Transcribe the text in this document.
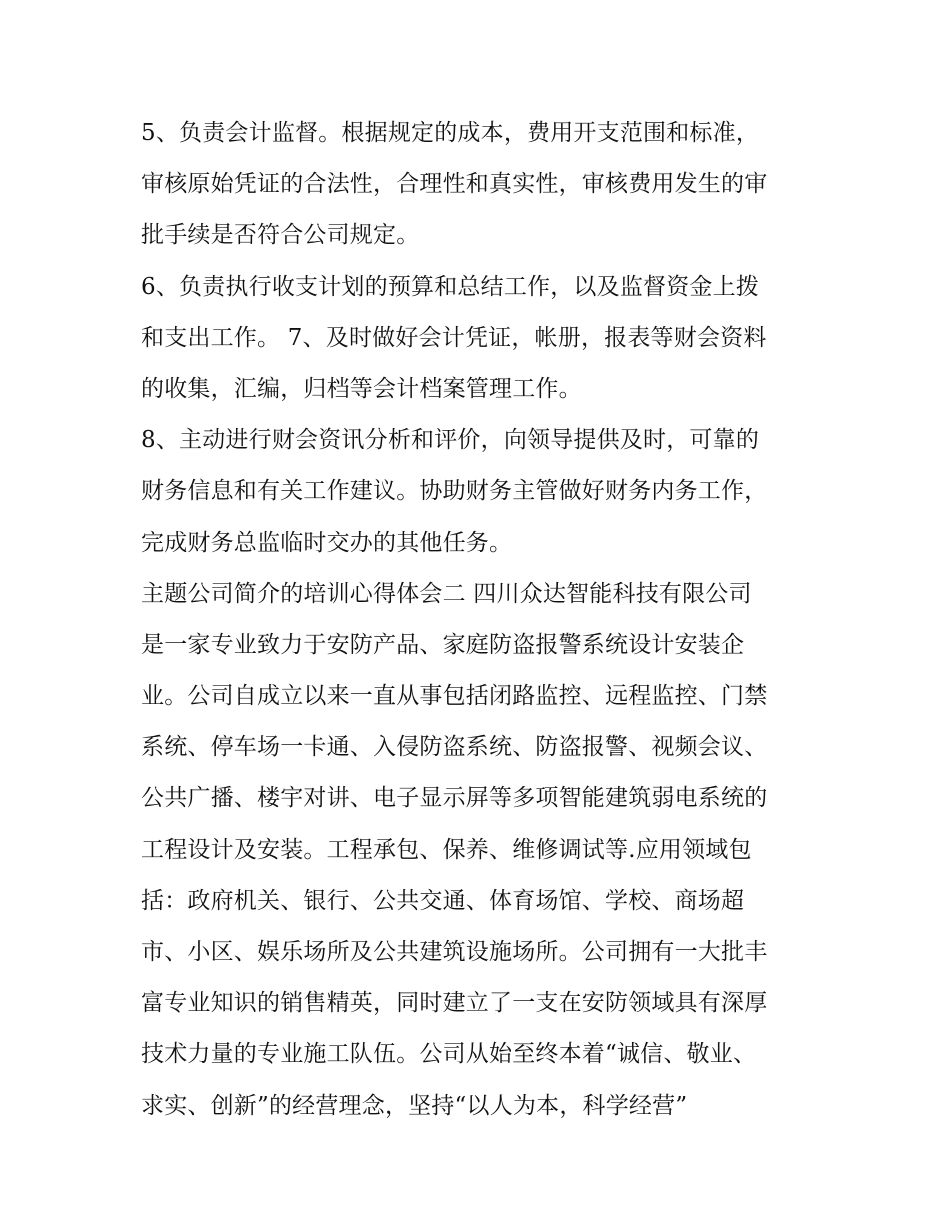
5、负责会计监督。根据规定的成本，费用开支范围和标准，
审核原始凭证的合法性，合理性和真实性，审核费用发生的审
批手续是否符合公司规定。
6、负责执行收支计划的预算和总结工作，以及监督资金上拨
和支出工作。 7、及时做好会计凭证，帐册，报表等财会资料
的收集，汇编，归档等会计档案管理工作。
8、主动进行财会资讯分析和评价，向领导提供及时，可靠的
财务信息和有关工作建议。协助财务主管做好财务内务工作，
完成财务总监临时交办的其他任务。
主题公司简介的培训心得体会二 四川众达智能科技有限公司
是一家专业致力于安防产品、家庭防盗报警系统设计安装企
业。公司自成立以来一直从事包括闭路监控、远程监控、门禁
系统、停车场一卡通、入侵防盗系统、防盗报警、视频会议、
公共广播、楼宇对讲、电子显示屏等多项智能建筑弱电系统的
工程设计及安装。工程承包、保养、维修调试等.应用领域包
括：政府机关、银行、公共交通、体育场馆、学校、商场超
市、小区、娱乐场所及公共建筑设施场所。公司拥有一大批丰
富专业知识的销售精英，同时建立了一支在安防领域具有深厚
技术力量的专业施工队伍。公司从始至终本着“诚信、敬业、
求实、创新”的经营理念，坚持“以人为本，科学经营”
